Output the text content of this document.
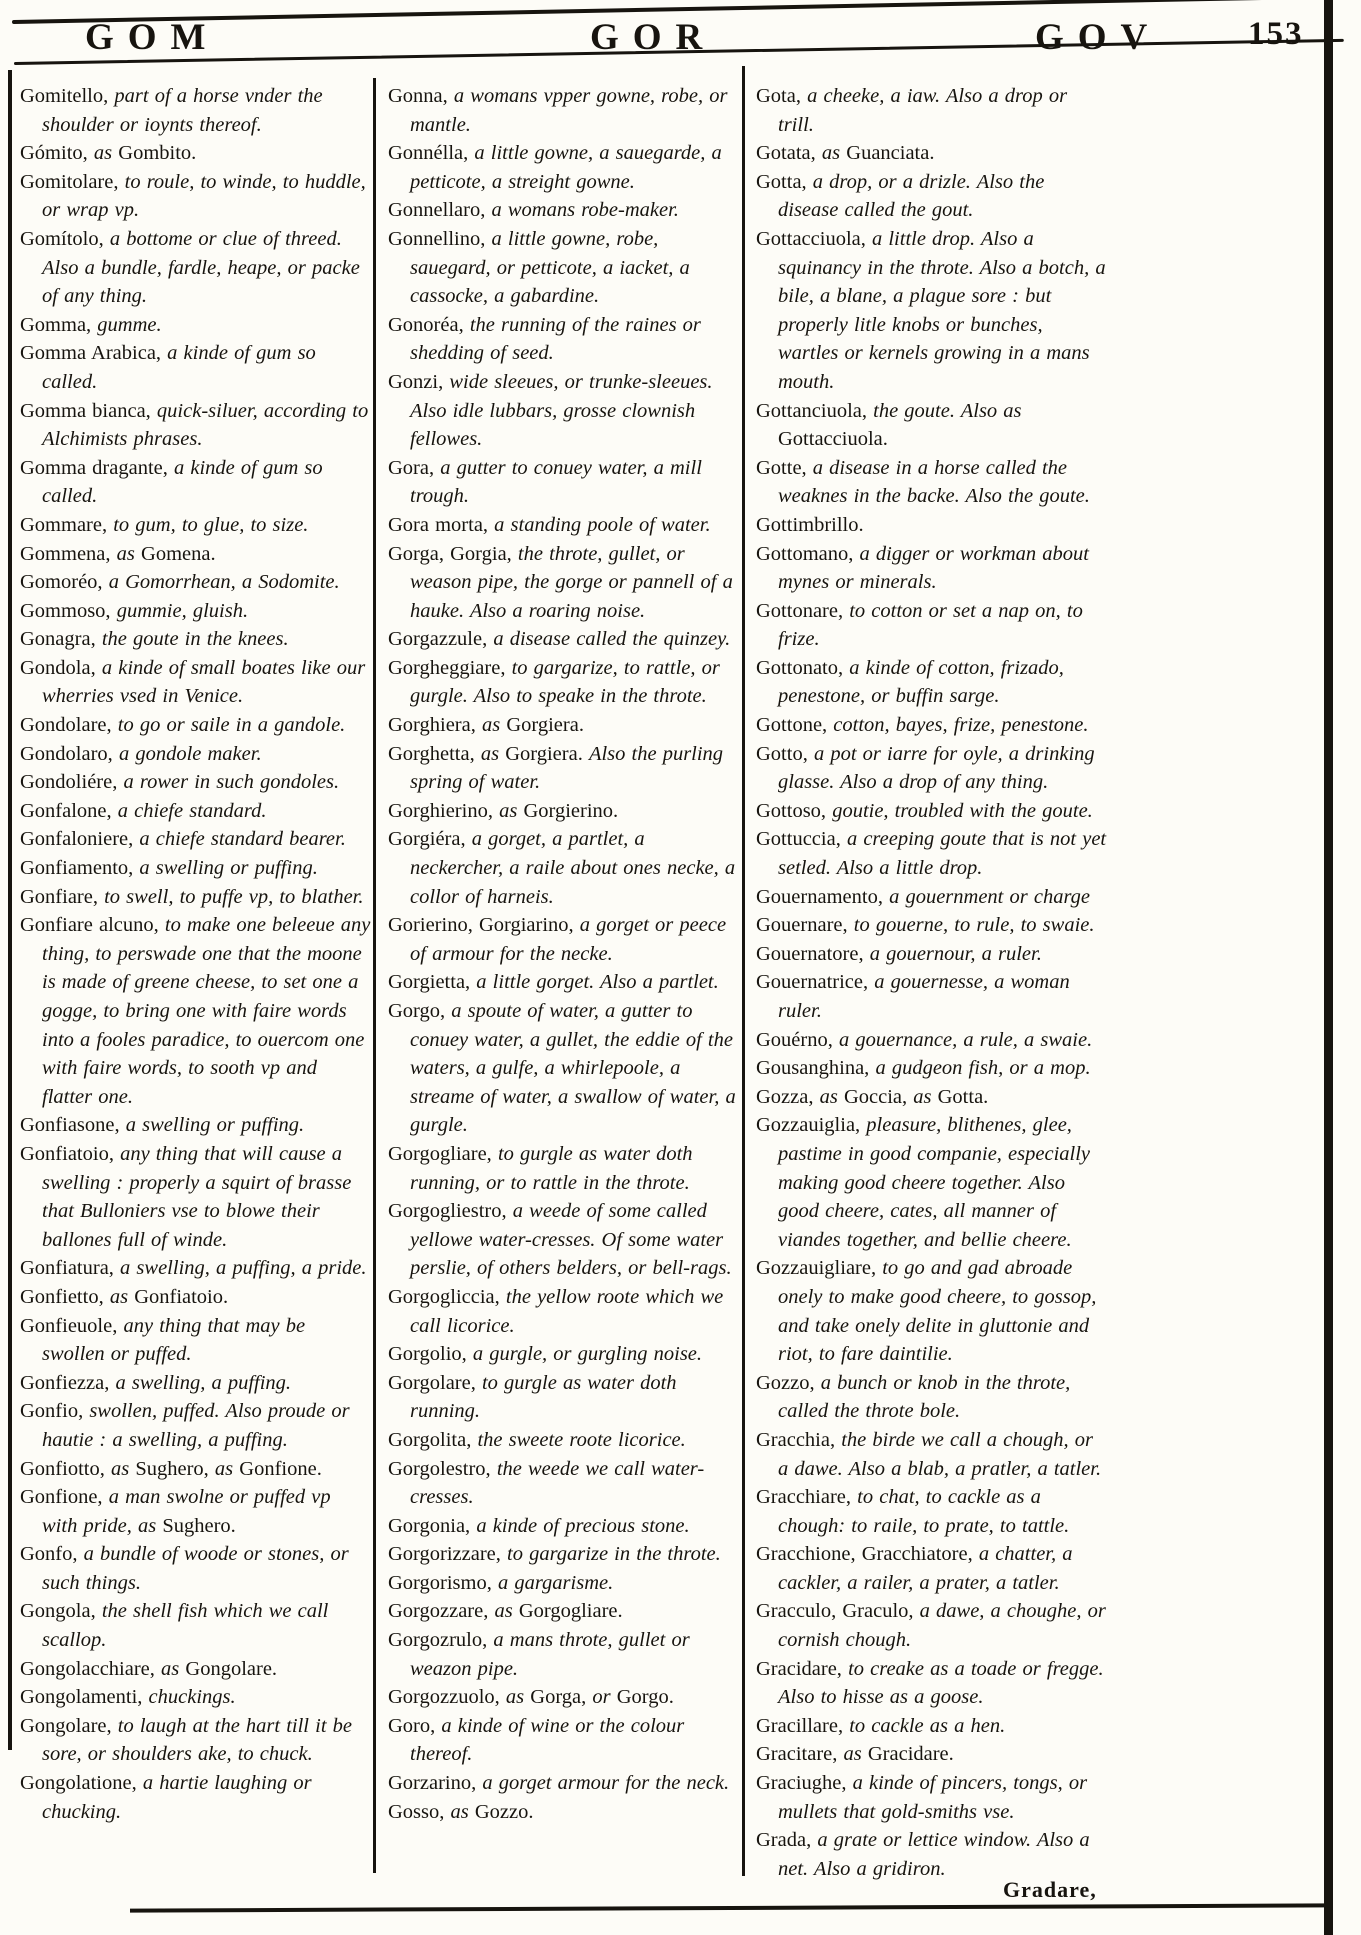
GOM	GOR	GOV	153
Gomitello, part of a horse vnder the shoulder or ioynts thereof.
Gómito, as Gombito.
Gomitolare, to roule, to winde, to huddle, or wrap vp.
Gomítolo, a bottome or clue of threed. Also a bundle, fardle, heape, or packe of any thing.
Gomma, gumme.
Gomma Arabica, a kinde of gum so called.
Gomma bianca, quick-siluer, according to Alchimists phrases.
Gomma dragante, a kinde of gum so called.
Gommare, to gum, to glue, to size.
Gommena, as Gomena.
Gomoréo, a Gomorrhean, a Sodomite.
Gommoso, gummie, gluish.
Gonagra, the goute in the knees.
Gondola, a kinde of small boates like our wherries vsed in Venice.
Gondolare, to go or saile in a gandole.
Gondolaro, a gondole maker.
Gondoliére, a rower in such gondoles.
Gonfalone, a chiefe standard.
Gonfaloniere, a chiefe standard bearer.
Gonfiamento, a swelling or puffing.
Gonfiare, to swell, to puffe vp, to blather.
Gonfiare alcuno, to make one beleeue any thing, to perswade one that the moone is made of greene cheese, to set one a gogge, to bring one with faire words into a fooles paradice, to ouercom one with faire words, to sooth vp and flatter one.
Gonfiasone, a swelling or puffing.
Gonfiatoio, any thing that will cause a swelling : properly a squirt of brasse that Bulloniers vse to blowe their ballones full of winde.
Gonfiatura, a swelling, a puffing, a pride.
Gonfietto, as Gonfiatoio.
Gonfieuole, any thing that may be swollen or puffed.
Gonfiezza, a swelling, a puffing.
Gonfio, swollen, puffed. Also proude or hautie : a swelling, a puffing.
Gonfiotto, as Sughero, as Gonfione.
Gonfione, a man swolne or puffed vp with pride, as Sughero.
Gonfo, a bundle of woode or stones, or such things.
Gongola, the shell fish which we call scallop.
Gongolacchiare, as Gongolare.
Gongolamenti, chuckings.
Gongolare, to laugh at the hart till it be sore, or shoulders ake, to chuck.
Gongolatione, a hartie laughing or chucking.
Gonna, a womans vpper gowne, robe, or mantle.
Gonnélla, a little gowne, a sauegarde, a petticote, a streight gowne.
Gonnellaro, a womans robe-maker.
Gonnellino, a little gowne, robe, sauegard, or petticote, a iacket, a cassocke, a gabardine.
Gonoréa, the running of the raines or shedding of seed.
Gonzi, wide sleeues, or trunke-sleeues. Also idle lubbars, grosse clownish fellowes.
Gora, a gutter to conuey water, a mill trough.
Gora morta, a standing poole of water.
Gorga, Gorgia, the throte, gullet, or weason pipe, the gorge or pannell of a hauke. Also a roaring noise.
Gorgazzule, a disease called the quinzey.
Gorgheggiare, to gargarize, to rattle, or gurgle. Also to speake in the throte.
Gorghiera, as Gorgiera.
Gorghetta, as Gorgiera. Also the purling spring of water.
Gorghierino, as Gorgierino.
Gorgiéra, a gorget, a partlet, a neckercher, a raile about ones necke, a collor of harneis.
Gorierino, Gorgiarino, a gorget or peece of armour for the necke.
Gorgietta, a little gorget. Also a partlet.
Gorgo, a spoute of water, a gutter to conuey water, a gullet, the eddie of the waters, a gulfe, a whirlepoole, a streame of water, a swallow of water, a gurgle.
Gorgogliare, to gurgle as water doth running, or to rattle in the throte.
Gorgogliestro, a weede of some called yellowe water-cresses. Of some water perslie, of others belders, or bell-rags.
Gorgogliccia, the yellow roote which we call licorice.
Gorgolio, a gurgle, or gurgling noise.
Gorgolare, to gurgle as water doth running.
Gorgolita, the sweete roote licorice.
Gorgolestro, the weede we call water-cresses.
Gorgonia, a kinde of precious stone.
Gorgorizzare, to gargarize in the throte.
Gorgorismo, a gargarisme.
Gorgozzare, as Gorgogliare.
Gorgozrulo, a mans throte, gullet or weazon pipe.
Gorgozzuolo, as Gorga, or Gorgo.
Goro, a kinde of wine or the colour thereof.
Gorzarino, a gorget armour for the neck.
Gosso, as Gozzo.
Gota, a cheeke, a iaw. Also a drop or trill.
Gotata, as Guanciata.
Gotta, a drop, or a drizle. Also the disease called the gout.
Gottacciuola, a little drop. Also a squinancy in the throte. Also a botch, a bile, a blane, a plague sore : but properly litle knobs or bunches, wartles or kernels growing in a mans mouth.
Gottanciuola, the goute. Also as Gottacciuola.
Gotte, a disease in a horse called the weaknes in the backe. Also the goute.
Gottimbrillo.
Gottomano, a digger or workman about mynes or minerals.
Gottonare, to cotton or set a nap on, to frize.
Gottonato, a kinde of cotton, frizado, penestone, or buffin sarge.
Gottone, cotton, bayes, frize, penestone.
Gotto, a pot or iarre for oyle, a drinking glasse. Also a drop of any thing.
Gottoso, goutie, troubled with the goute.
Gottuccia, a creeping goute that is not yet setled. Also a little drop.
Gouernamento, a gouernment or charge
Gouernare, to gouerne, to rule, to swaie.
Gouernatore, a gouernour, a ruler.
Gouernatrice, a gouernesse, a woman ruler.
Gouérno, a gouernance, a rule, a swaie.
Gousanghina, a gudgeon fish, or a mop.
Gozza, as Goccia, as Gotta.
Gozzauiglia, pleasure, blithenes, glee, pastime in good companie, especially making good cheere together. Also good cheere, cates, all manner of viandes together, and bellie cheere.
Gozzauigliare, to go and gad abroade onely to make good cheere, to gossop, and take onely delite in gluttonie and riot, to fare daintilie.
Gozzo, a bunch or knob in the throte, called the throte bole.
Gracchia, the birde we call a chough, or a dawe. Also a blab, a pratler, a tatler.
Gracchiare, to chat, to cackle as a chough: to raile, to prate, to tattle.
Gracchione, Gracchiatore, a chatter, a cackler, a railer, a prater, a tatler.
Gracculo, Graculo, a dawe, a choughe, or cornish chough.
Gracidare, to creake as a toade or fregge. Also to hisse as a goose.
Gracillare, to cackle as a hen.
Gracitare, as Gracidare.
Graciughe, a kinde of pincers, tongs, or mullets that gold-smiths vse.
Grada, a grate or lettice window. Also a net. Also a gridiron.
Gradare,
